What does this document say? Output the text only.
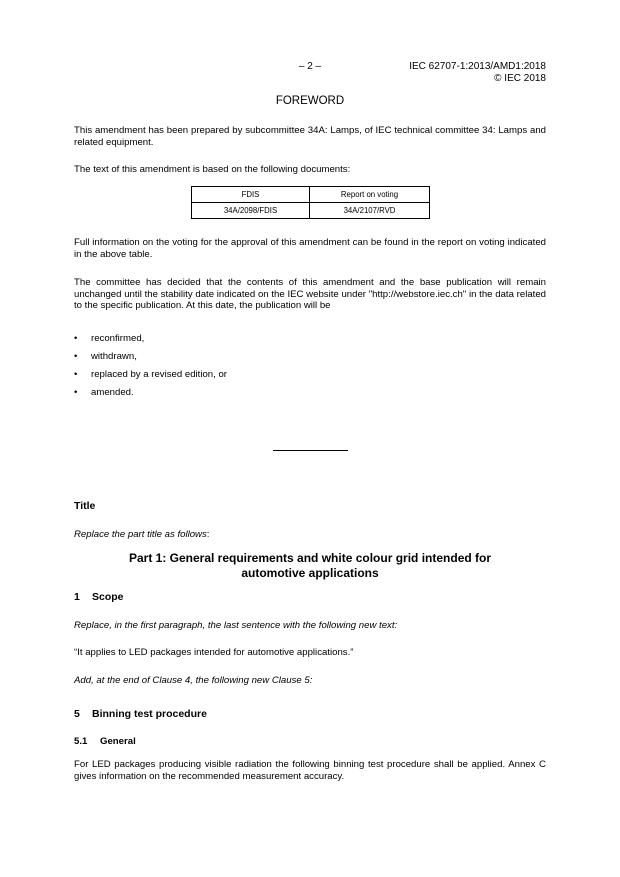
– 2 –	IEC 62707-1:2013/AMD1:2018
© IEC 2018
FOREWORD
This amendment has been prepared by subcommittee 34A: Lamps, of IEC technical committee 34: Lamps and related equipment.
The text of this amendment is based on the following documents:
FDIS	Report on voting
34A/2098/FDIS	34A/2107/RVD
Full information on the voting for the approval of this amendment can be found in the report on voting indicated in the above table.
The committee has decided that the contents of this amendment and the base publication will remain unchanged until the stability date indicated on the IEC website under "http://webstore.iec.ch" in the data related to the specific publication. At this date, the publication will be
• reconfirmed,
• withdrawn,
• replaced by a revised edition, or
• amended.
Title
Replace the part title as follows:
Part 1: General requirements and white colour grid intended for
automotive applications
1 Scope
Replace, in the first paragraph, the last sentence with the following new text:
“It applies to LED packages intended for automotive applications.”
Add, at the end of Clause 4, the following new Clause 5:
5 Binning test procedure
5.1 General
For LED packages producing visible radiation the following binning test procedure shall be applied. Annex C gives information on the recommended measurement accuracy.
